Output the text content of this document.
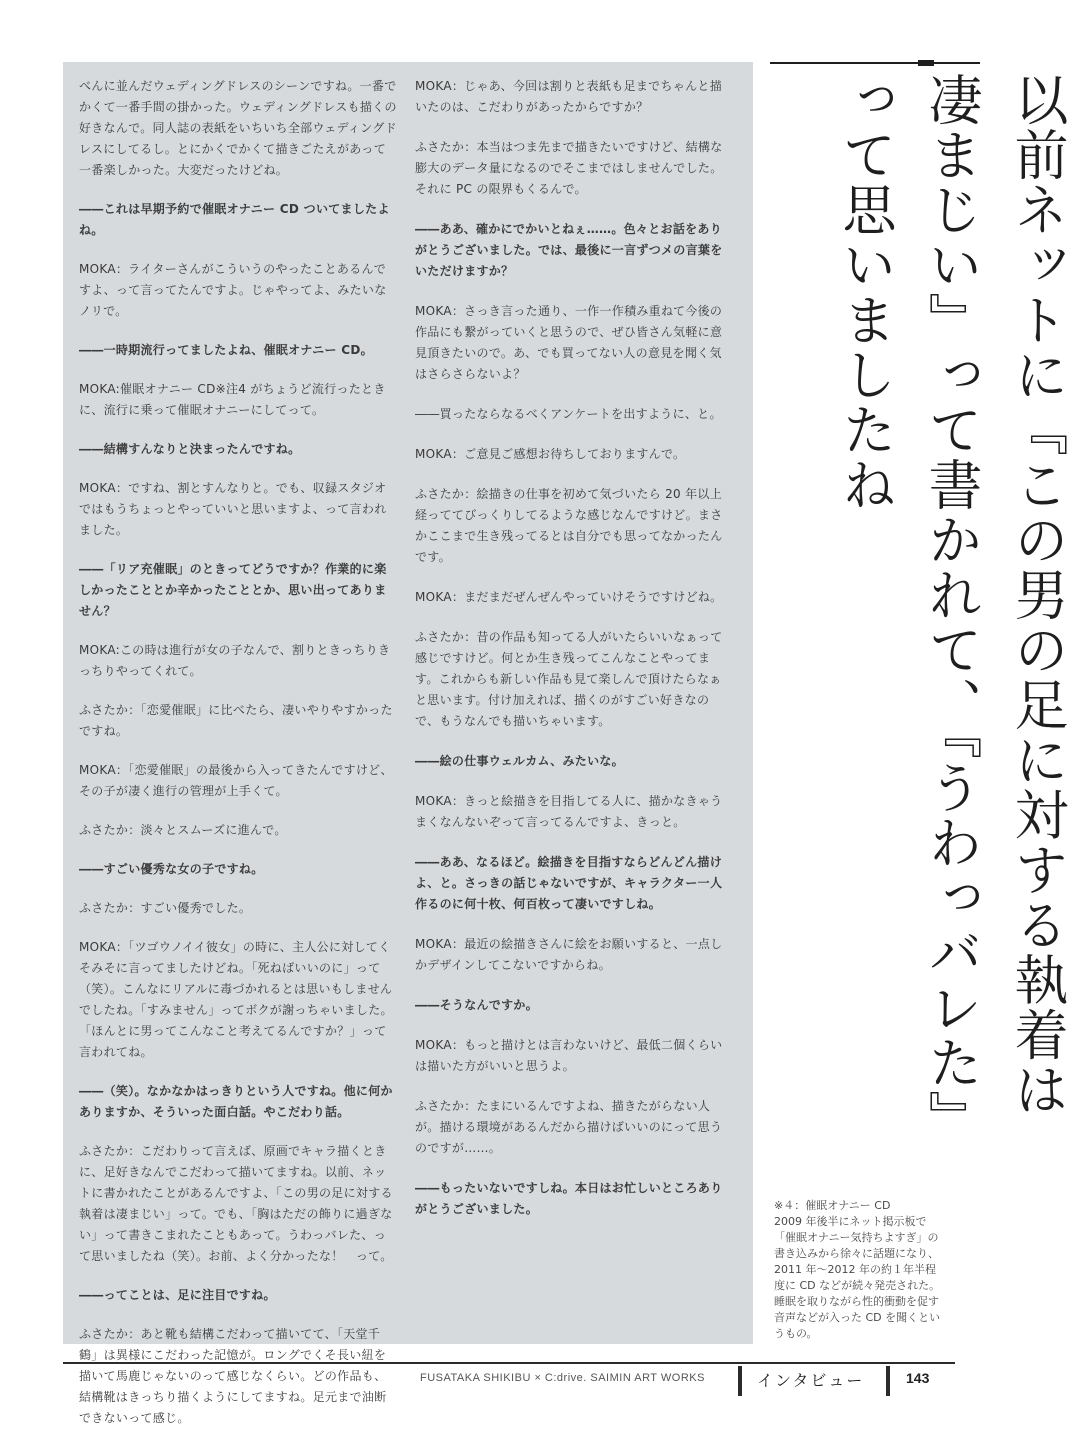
べんに並んだウェディングドレスのシーンですね。一番でかくて一番手間の掛かった。ウェディングドレスも描くの好きなんで。同人誌の表紙をいちいち全部ウェディングドレスにしてるし。とにかくでかくて描きごたえがあって一番楽しかった。大変だったけどね。

――これは早期予約で催眠オナニー CD ついてましたよね。

MOKA：ライターさんがこういうのやったことあるんですよ、って言ってたんですよ。じゃやってよ、みたいなノリで。

――一時期流行ってましたよね、催眠オナニー CD。

MOKA:催眠オナニー CD※注4 がちょうど流行ったときに、流行に乗って催眠オナニーにしてって。

――結構すんなりと決まったんですね。

MOKA：ですね、割とすんなりと。でも、収録スタジオではもうちょっとやっていいと思いますよ、って言われました。

――「リア充催眠」のときってどうですか？作業的に楽しかったこととか辛かったこととか、思い出ってありません？

MOKA:この時は進行が女の子なんで、割りときっちりきっちりやってくれて。

ふさたか：「恋愛催眠」に比べたら、凄いやりやすかったですね。

MOKA：「恋愛催眠」の最後から入ってきたんですけど、その子が凄く進行の管理が上手くて。

ふさたか：淡々とスムーズに進んで。

――すごい優秀な女の子ですね。

ふさたか：すごい優秀でした。

MOKA：「ツゴウノイイ彼女」の時に、主人公に対してくそみそに言ってましたけどね。「死ねばいいのに」って（笑）。こんなにリアルに毒づかれるとは思いもしませんでしたね。「すみません」ってボクが謝っちゃいました。「ほんとに男ってこんなこと考えてるんですか？」って言われてね。

――（笑）。なかなかはっきりという人ですね。他に何かありますか、そういった面白話。やこだわり話。

ふさたか：こだわりって言えば、原画でキャラ描くときに、足好きなんでこだわって描いてますね。以前、ネットに書かれたことがあるんですよ、「この男の足に対する執着は凄まじい」って。でも、「胸はただの飾りに過ぎない」って書きこまれたこともあって。うわっバレた、って思いましたね（笑）。お前、よく分かったな！　って。

――ってことは、足に注目ですね。

ふさたか：あと靴も結構こだわって描いてて、「天堂千鶴」は異様にこだわった記憶が。ロングでくそ長い紐を描いて馬鹿じゃないのって感じなくらい。どの作品も、結構靴はきっちり描くようにしてますね。足元まで油断できないって感じ。

MOKA：じゃあ、今回は割りと表紙も足までちゃんと描いたのは、こだわりがあったからですか？

ふさたか：本当はつま先まで描きたいですけど、結構な膨大のデータ量になるのでそこまではしませんでした。それに PC の限界もくるんで。

――ああ、確かにでかいとねぇ……。色々とお話をありがとうございました。では、最後に一言ずつメの言葉をいただけますか？

MOKA：さっき言った通り、一作一作積み重ねて今後の作品にも繋がっていくと思うので、ぜひ皆さん気軽に意見頂きたいので。あ、でも買ってない人の意見を聞く気はさらさらないよ？

――買ったならなるべくアンケートを出すように、と。

MOKA：ご意見ご感想お待ちしておりますんで。

ふさたか：絵描きの仕事を初めて気づいたら 20 年以上経っててびっくりしてるような感じなんですけど。まさかここまで生き残ってるとは自分でも思ってなかったんです。

MOKA：まだまだぜんぜんやっていけそうですけどね。

ふさたか：昔の作品も知ってる人がいたらいいなぁって感じですけど。何とか生き残ってこんなことやってます。これからも新しい作品も見て楽しんで頂けたらなぁと思います。付け加えれば、描くのがすごい好きなので、もうなんでも描いちゃいます。

――絵の仕事ウェルカム、みたいな。

MOKA：きっと絵描きを目指してる人に、描かなきゃうまくなんないぞって言ってるんですよ、きっと。

――ああ、なるほど。絵描きを目指すならどんどん描けよ、と。さっきの話じゃないですが、キャラクター一人作るのに何十枚、何百枚って凄いですしね。

MOKA：最近の絵描きさんに絵をお願いすると、一点しかデザインしてこないですからね。

――そうなんですか。

MOKA：もっと描けとは言わないけど、最低二個くらいは描いた方がいいと思うよ。

ふさたか：たまにいるんですよね、描きたがらない人が。描ける環境があるんだから描けばいいのにって思うのですが……。

――もったいないですしね。本日はお忙しいところありがとうございました。

以前ネットに『この男の足に対する執着は凄まじい』って書かれて、『うわっバレた』って思いましたね
※４：催眠オナニー CD
2009 年後半にネット掲示板で「催眠オナニー気持ちよすぎ」の書き込みから徐々に話題になり、2011 年～2012 年の約１年半程度に CD などが続々発売された。睡眠を取りながら性的衝動を促す音声などが入った CD を聞くというもの。
FUSATAKA SHIKIBU × C:drive. SAIMIN ART WORKS	インタビュー	143
